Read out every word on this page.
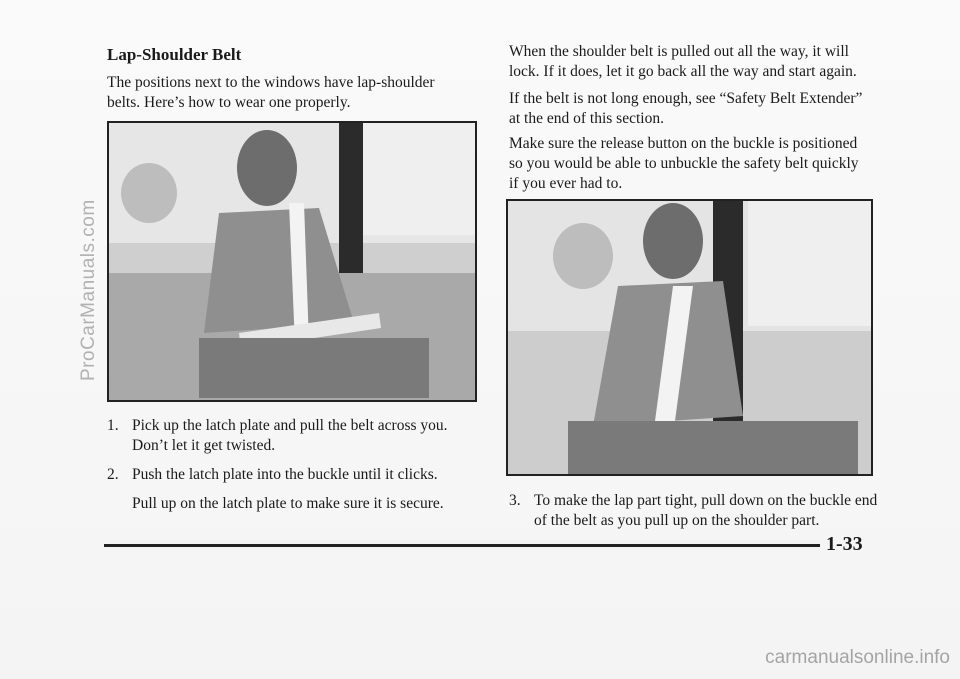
Lap-Shoulder Belt
The positions next to the windows have lap-shoulder belts. Here’s how to wear one properly.
1. Pick up the latch plate and pull the belt across you. Don’t let it get twisted.
2. Push the latch plate into the buckle until it clicks.
Pull up on the latch plate to make sure it is secure.
When the shoulder belt is pulled out all the way, it will lock. If it does, let it go back all the way and start again.
If the belt is not long enough, see “Safety Belt Extender” at the end of this section.
Make sure the release button on the buckle is positioned so you would be able to unbuckle the safety belt quickly if you ever had to.
3. To make the lap part tight, pull down on the buckle end of the belt as you pull up on the shoulder part.
1-33
ProCarManuals.com
carmanualsonline.info
